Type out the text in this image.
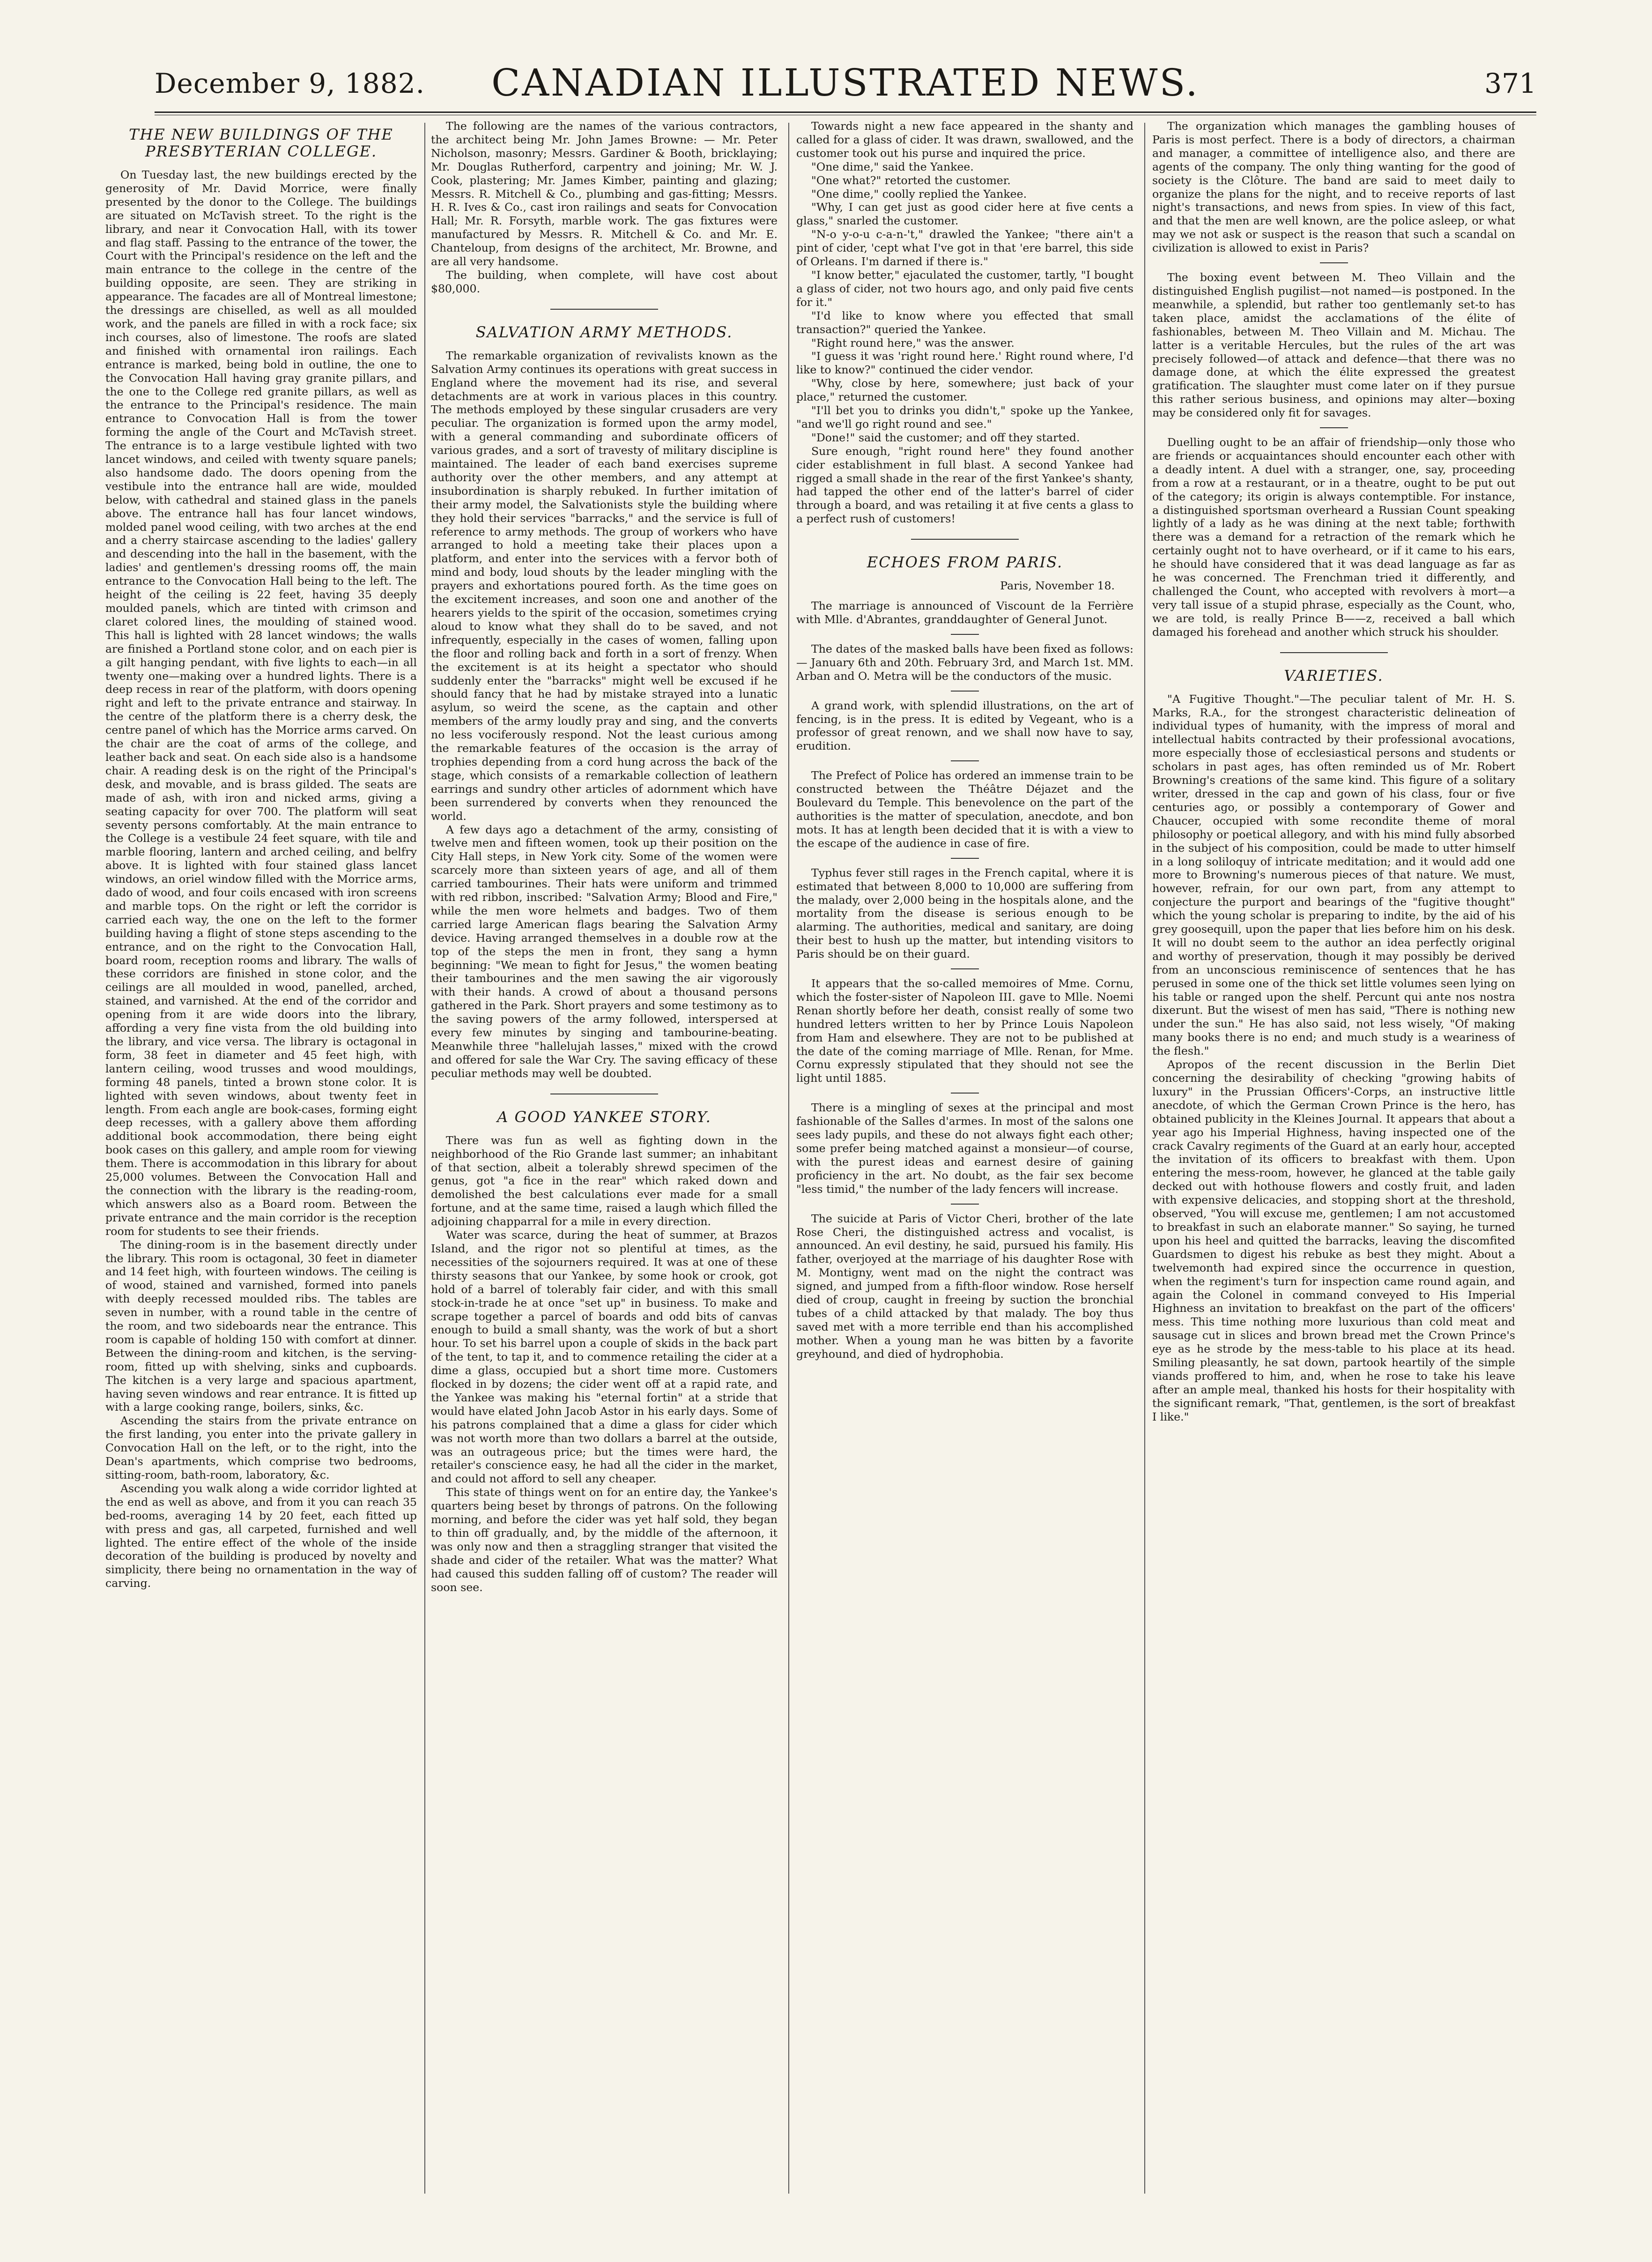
December 9, 1882.	CANADIAN ILLUSTRATED NEWS.	371
THE NEW BUILDINGS OF THE PRESBYTERIAN COLLEGE.

On Tuesday last, the new buildings erected by the generosity of Mr. David Morrice, were finally presented by the donor to the College. The buildings are situated on McTavish street. To the right is the library, and near it Convocation Hall, with its tower and flag staff. Passing to the entrance of the tower, the Court with the Principal's residence on the left and the main entrance to the college in the centre of the building opposite, are seen. They are striking in appearance. The facades are all of Montreal limestone; the dressings are chiselled, as well as all moulded work, and the panels are filled in with a rock face; six inch courses, also of limestone. The roofs are slated and finished with ornamental iron railings. Each entrance is marked, being bold in outline, the one to the Convocation Hall having gray granite pillars, and the one to the College red granite pillars, as well as the entrance to the Principal's residence. The main entrance to Convocation Hall is from the tower forming the angle of the Court and McTavish street. The entrance is to a large vestibule lighted with two lancet windows, and ceiled with twenty square panels; also handsome dado. The doors opening from the vestibule into the entrance hall are wide, moulded below, with cathedral and stained glass in the panels above. The entrance hall has four lancet windows, molded panel wood ceiling, with two arches at the end and a cherry staircase ascending to the ladies' gallery and descending into the hall in the basement, with the ladies' and gentlemen's dressing rooms off, the main entrance to the Convocation Hall being to the left. The height of the ceiling is 22 feet, having 35 deeply moulded panels, which are tinted with crimson and claret colored lines, the moulding of stained wood. This hall is lighted with 28 lancet windows; the walls are finished a Portland stone color, and on each pier is a gilt hanging pendant, with five lights to each—in all twenty one—making over a hundred lights. There is a deep recess in rear of the platform, with doors opening right and left to the private entrance and stairway. In the centre of the platform there is a cherry desk, the centre panel of which has the Morrice arms carved. On the chair are the coat of arms of the college, and leather back and seat. On each side also is a handsome chair. A reading desk is on the right of the Principal's desk, and movable, and is brass gilded. The seats are made of ash, with iron and nicked arms, giving a seating capacity for over 700. The platform will seat seventy persons comfortably. At the main entrance to the College is a vestibule 24 feet square, with tile and marble flooring, lantern and arched ceiling, and belfry above. It is lighted with four stained glass lancet windows, an oriel window filled with the Morrice arms, dado of wood, and four coils encased with iron screens and marble tops. On the right or left the corridor is carried each way, the one on the left to the former building having a flight of stone steps ascending to the entrance, and on the right to the Convocation Hall, board room, reception rooms and library. The walls of these corridors are finished in stone color, and the ceilings are all moulded in wood, panelled, arched, stained, and varnished. At the end of the corridor and opening from it are wide doors into the library, affording a very fine vista from the old building into the library, and vice versa. The library is octagonal in form, 38 feet in diameter and 45 feet high, with lantern ceiling, wood trusses and wood mouldings, forming 48 panels, tinted a brown stone color. It is lighted with seven windows, about twenty feet in length. From each angle are book-cases, forming eight deep recesses, with a gallery above them affording additional book accommodation, there being eight book cases on this gallery, and ample room for viewing them. There is accommodation in this library for about 25,000 volumes. Between the Convocation Hall and the connection with the library is the reading-room, which answers also as a Board room. Between the private entrance and the main corridor is the reception room for students to see their friends.

The dining-room is in the basement directly under the library. This room is octagonal, 30 feet in diameter and 14 feet high, with fourteen windows. The ceiling is of wood, stained and varnished, formed into panels with deeply recessed moulded ribs. The tables are seven in number, with a round table in the centre of the room, and two sideboards near the entrance. This room is capable of holding 150 with comfort at dinner. Between the dining-room and kitchen, is the serving-room, fitted up with shelving, sinks and cupboards. The kitchen is a very large and spacious apartment, having seven windows and rear entrance. It is fitted up with a large cooking range, boilers, sinks, &c.

Ascending the stairs from the private entrance on the first landing, you enter into the private gallery in Convocation Hall on the left, or to the right, into the Dean's apartments, which comprise two bedrooms, sitting-room, bath-room, laboratory, &c.

Ascending you walk along a wide corridor lighted at the end as well as above, and from it you can reach 35 bed-rooms, averaging 14 by 20 feet, each fitted up with press and gas, all carpeted, furnished and well lighted. The entire effect of the whole of the inside decoration of the building is produced by novelty and simplicity, there being no ornamentation in the way of carving.

The following are the names of the various contractors, the architect being Mr. John James Browne: — Mr. Peter Nicholson, masonry; Messrs. Gardiner & Booth, bricklaying; Mr. Douglas Rutherford, carpentry and joining; Mr. W. J. Cook, plastering; Mr. James Kimber, painting and glazing; Messrs. R. Mitchell & Co., plumbing and gas-fitting; Messrs. H. R. Ives & Co., cast iron railings and seats for Convocation Hall; Mr. R. Forsyth, marble work. The gas fixtures were manufactured by Messrs. R. Mitchell & Co. and Mr. E. Chanteloup, from designs of the architect, Mr. Browne, and are all very handsome.

The building, when complete, will have cost about $80,000.

SALVATION ARMY METHODS.

The remarkable organization of revivalists known as the Salvation Army continues its operations with great success in England where the movement had its rise, and several detachments are at work in various places in this country. The methods employed by these singular crusaders are very peculiar. The organization is formed upon the army model, with a general commanding and subordinate officers of various grades, and a sort of travesty of military discipline is maintained. The leader of each band exercises supreme authority over the other members, and any attempt at insubordination is sharply rebuked. In further imitation of their army model, the Salvationists style the building where they hold their services "barracks," and the service is full of reference to army methods. The group of workers who have arranged to hold a meeting take their places upon a platform, and enter into the services with a fervor both of mind and body, loud shouts by the leader mingling with the prayers and exhortations poured forth. As the time goes on the excitement increases, and soon one and another of the hearers yields to the spirit of the occasion, sometimes crying aloud to know what they shall do to be saved, and not infrequently, especially in the cases of women, falling upon the floor and rolling back and forth in a sort of frenzy. When the excitement is at its height a spectator who should suddenly enter the "barracks" might well be excused if he should fancy that he had by mistake strayed into a lunatic asylum, so weird the scene, as the captain and other members of the army loudly pray and sing, and the converts no less vociferously respond. Not the least curious among the remarkable features of the occasion is the array of trophies depending from a cord hung across the back of the stage, which consists of a remarkable collection of leathern earrings and sundry other articles of adornment which have been surrendered by converts when they renounced the world.

A few days ago a detachment of the army, consisting of twelve men and fifteen women, took up their position on the City Hall steps, in New York city. Some of the women were scarcely more than sixteen years of age, and all of them carried tambourines. Their hats were uniform and trimmed with red ribbon, inscribed: "Salvation Army; Blood and Fire," while the men wore helmets and badges. Two of them carried large American flags bearing the Salvation Army device. Having arranged themselves in a double row at the top of the steps the men in front, they sang a hymn beginning: "We mean to fight for Jesus," the women beating their tambourines and the men sawing the air vigorously with their hands. A crowd of about a thousand persons gathered in the Park. Short prayers and some testimony as to the saving powers of the army followed, interspersed at every few minutes by singing and tambourine-beating. Meanwhile three "hallelujah lasses," mixed with the crowd and offered for sale the War Cry. The saving efficacy of these peculiar methods may well be doubted.

A GOOD YANKEE STORY.

There was fun as well as fighting down in the neighborhood of the Rio Grande last summer; an inhabitant of that section, albeit a tolerably shrewd specimen of the genus, got "a fice in the rear" which raked down and demolished the best calculations ever made for a small fortune, and at the same time, raised a laugh which filled the adjoining chapparral for a mile in every direction.

Water was scarce, during the heat of summer, at Brazos Island, and the rigor not so plentiful at times, as the necessities of the sojourners required. It was at one of these thirsty seasons that our Yankee, by some hook or crook, got hold of a barrel of tolerably fair cider, and with this small stock-in-trade he at once "set up" in business. To make and scrape together a parcel of boards and odd bits of canvas enough to build a small shanty, was the work of but a short hour. To set his barrel upon a couple of skids in the back part of the tent, to tap it, and to commence retailing the cider at a dime a glass, occupied but a short time more. Customers flocked in by dozens; the cider went off at a rapid rate, and the Yankee was making his "eternal fortin" at a stride that would have elated John Jacob Astor in his early days. Some of his patrons complained that a dime a glass for cider which was not worth more than two dollars a barrel at the outside, was an outrageous price; but the times were hard, the retailer's conscience easy, he had all the cider in the market, and could not afford to sell any cheaper.

This state of things went on for an entire day, the Yankee's quarters being beset by throngs of patrons. On the following morning, and before the cider was yet half sold, they began to thin off gradually, and, by the middle of the afternoon, it was only now and then a straggling stranger that visited the shade and cider of the retailer. What was the matter? What had caused this sudden falling off of custom? The reader will soon see.

Towards night a new face appeared in the shanty and called for a glass of cider. It was drawn, swallowed, and the customer took out his purse and inquired the price.

"One dime," said the Yankee.

"One what?" retorted the customer.

"One dime," coolly replied the Yankee.

"Why, I can get just as good cider here at five cents a glass," snarled the customer.

"N-o y-o-u c-a-n-'t," drawled the Yankee; "there ain't a pint of cider, 'cept what I've got in that 'ere barrel, this side of Orleans. I'm darned if there is."

"I know better," ejaculated the customer, tartly, "I bought a glass of cider, not two hours ago, and only paid five cents for it."

"I'd like to know where you effected that small transaction?" queried the Yankee.

"Right round here," was the answer.

"I guess it was 'right round here.' Right round where, I'd like to know?" continued the cider vendor.

"Why, close by here, somewhere; just back of your place," returned the customer.

"I'll bet you to drinks you didn't," spoke up the Yankee, "and we'll go right round and see."

"Done!" said the customer; and off they started.

Sure enough, "right round here" they found another cider establishment in full blast. A second Yankee had rigged a small shade in the rear of the first Yankee's shanty, had tapped the other end of the latter's barrel of cider through a board, and was retailing it at five cents a glass to a perfect rush of customers!

ECHOES FROM PARIS.
Paris, November 18.

The marriage is announced of Viscount de la Ferrière with Mlle. d'Abrantes, granddaughter of General Junot.

The dates of the masked balls have been fixed as follows: — January 6th and 20th. February 3rd, and March 1st. MM. Arban and O. Metra will be the conductors of the music.

A grand work, with splendid illustrations, on the art of fencing, is in the press. It is edited by Vegeant, who is a professor of great renown, and we shall now have to say, erudition.

The Prefect of Police has ordered an immense train to be constructed between the Théâtre Déjazet and the Boulevard du Temple. This benevolence on the part of the authorities is the matter of speculation, anecdote, and bon mots. It has at length been decided that it is with a view to the escape of the audience in case of fire.

Typhus fever still rages in the French capital, where it is estimated that between 8,000 to 10,000 are suffering from the malady, over 2,000 being in the hospitals alone, and the mortality from the disease is serious enough to be alarming. The authorities, medical and sanitary, are doing their best to hush up the matter, but intending visitors to Paris should be on their guard.

It appears that the so-called memoires of Mme. Cornu, which the foster-sister of Napoleon III. gave to Mlle. Noemi Renan shortly before her death, consist really of some two hundred letters written to her by Prince Louis Napoleon from Ham and elsewhere. They are not to be published at the date of the coming marriage of Mlle. Renan, for Mme. Cornu expressly stipulated that they should not see the light until 1885.

There is a mingling of sexes at the principal and most fashionable of the Salles d'armes. In most of the salons one sees lady pupils, and these do not always fight each other; some prefer being matched against a monsieur—of course, with the purest ideas and earnest desire of gaining proficiency in the art. No doubt, as the fair sex become "less timid," the number of the lady fencers will increase.

The suicide at Paris of Victor Cheri, brother of the late Rose Cheri, the distinguished actress and vocalist, is announced. An evil destiny, he said, pursued his family. His father, overjoyed at the marriage of his daughter Rose with M. Montigny, went mad on the night the contract was signed, and jumped from a fifth-floor window. Rose herself died of croup, caught in freeing by suction the bronchial tubes of a child attacked by that malady. The boy thus saved met with a more terrible end than his accomplished mother. When a young man he was bitten by a favorite greyhound, and died of hydrophobia.

The organization which manages the gambling houses of Paris is most perfect. There is a body of directors, a chairman and manager, a committee of intelligence also, and there are agents of the company. The only thing wanting for the good of society is the Clôture. The band are said to meet daily to organize the plans for the night, and to receive reports of last night's transactions, and news from spies. In view of this fact, and that the men are well known, are the police asleep, or what may we not ask or suspect is the reason that such a scandal on civilization is allowed to exist in Paris?

The boxing event between M. Theo Villain and the distinguished English pugilist—not named—is postponed. In the meanwhile, a splendid, but rather too gentlemanly set-to has taken place, amidst the acclamations of the élite of fashionables, between M. Theo Villain and M. Michau. The latter is a veritable Hercules, but the rules of the art was precisely followed—of attack and defence—that there was no damage done, at which the élite expressed the greatest gratification. The slaughter must come later on if they pursue this rather serious business, and opinions may alter—boxing may be considered only fit for savages.

Duelling ought to be an affair of friendship—only those who are friends or acquaintances should encounter each other with a deadly intent. A duel with a stranger, one, say, proceeding from a row at a restaurant, or in a theatre, ought to be put out of the category; its origin is always contemptible. For instance, a distinguished sportsman overheard a Russian Count speaking lightly of a lady as he was dining at the next table; forthwith there was a demand for a retraction of the remark which he certainly ought not to have overheard, or if it came to his ears, he should have considered that it was dead language as far as he was concerned. The Frenchman tried it differently, and challenged the Count, who accepted with revolvers à mort—a very tall issue of a stupid phrase, especially as the Count, who, we are told, is really Prince B——z, received a ball which damaged his forehead and another which struck his shoulder.

VARIETIES.

"A Fugitive Thought."—The peculiar talent of Mr. H. S. Marks, R.A., for the strongest characteristic delineation of individual types of humanity, with the impress of moral and intellectual habits contracted by their professional avocations, more especially those of ecclesiastical persons and students or scholars in past ages, has often reminded us of Mr. Robert Browning's creations of the same kind. This figure of a solitary writer, dressed in the cap and gown of his class, four or five centuries ago, or possibly a contemporary of Gower and Chaucer, occupied with some recondite theme of moral philosophy or poetical allegory, and with his mind fully absorbed in the subject of his composition, could be made to utter himself in a long soliloquy of intricate meditation; and it would add one more to Browning's numerous pieces of that nature. We must, however, refrain, for our own part, from any attempt to conjecture the purport and bearings of the "fugitive thought" which the young scholar is preparing to indite, by the aid of his grey goosequill, upon the paper that lies before him on his desk. It will no doubt seem to the author an idea perfectly original and worthy of preservation, though it may possibly be derived from an unconscious reminiscence of sentences that he has perused in some one of the thick set little volumes seen lying on his table or ranged upon the shelf. Percunt qui ante nos nostra dixerunt. But the wisest of men has said, "There is nothing new under the sun." He has also said, not less wisely, "Of making many books there is no end; and much study is a weariness of the flesh."

Apropos of the recent discussion in the Berlin Diet concerning the desirability of checking "growing habits of luxury" in the Prussian Officers'-Corps, an instructive little anecdote, of which the German Crown Prince is the hero, has obtained publicity in the Kleines Journal. It appears that about a year ago his Imperial Highness, having inspected one of the crack Cavalry regiments of the Guard at an early hour, accepted the invitation of its officers to breakfast with them. Upon entering the mess-room, however, he glanced at the table gaily decked out with hothouse flowers and costly fruit, and laden with expensive delicacies, and stopping short at the threshold, observed, "You will excuse me, gentlemen; I am not accustomed to breakfast in such an elaborate manner." So saying, he turned upon his heel and quitted the barracks, leaving the discomfited Guardsmen to digest his rebuke as best they might. About a twelvemonth had expired since the occurrence in question, when the regiment's turn for inspection came round again, and again the Colonel in command conveyed to His Imperial Highness an invitation to breakfast on the part of the officers' mess. This time nothing more luxurious than cold meat and sausage cut in slices and brown bread met the Crown Prince's eye as he strode by the mess-table to his place at its head. Smiling pleasantly, he sat down, partook heartily of the simple viands proffered to him, and, when he rose to take his leave after an ample meal, thanked his hosts for their hospitality with the significant remark, "That, gentlemen, is the sort of breakfast I like."
